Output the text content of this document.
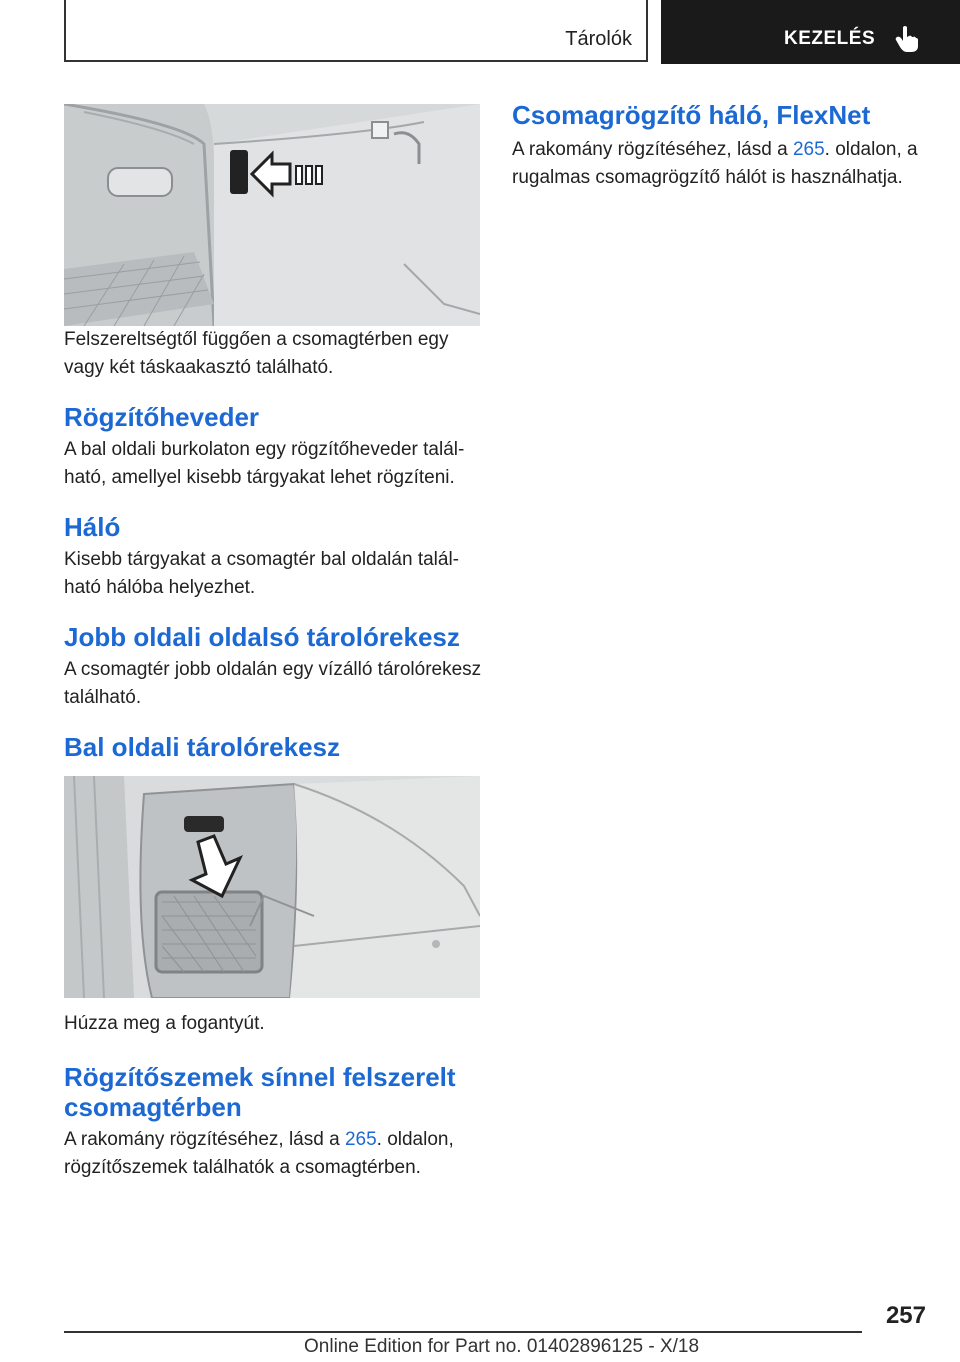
Tárolók	KEZELÉS

Felszereltségtől függően a csomagtérben egy vagy két táskaakasztó található.

Rögzítőheveder

A bal oldali burkolaton egy rögzítőheveder talál-ható, amellyel kisebb tárgyakat lehet rögzíteni.

Háló

Kisebb tárgyakat a csomagtér bal oldalán talál-ható hálóba helyezhet.

Jobb oldali oldalsó tárolórekesz

A csomagtér jobb oldalán egy vízálló tárolórekesz található.

Bal oldali tárolórekesz

Húzza meg a fogantyút.

Rögzítőszemek sínnel felszerelt csomagtérben

A rakomány rögzítéséhez, lásd a 265. oldalon, rögzítőszemek találhatók a csomagtérben.

Csomagrögzítő háló, FlexNet

A rakomány rögzítéséhez, lásd a 265. oldalon, a rugalmas csomagrögzítő hálót is használhatja.

257
Online Edition for Part no. 01402896125 - X/18
